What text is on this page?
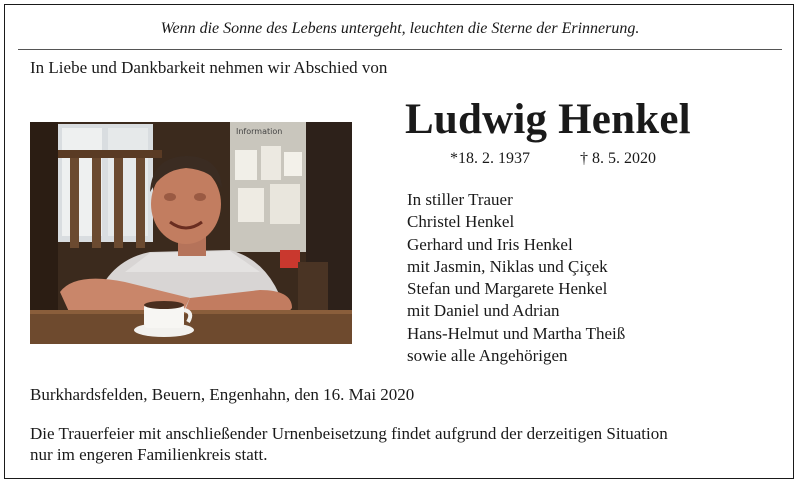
Wenn die Sonne des Lebens untergeht, leuchten die Sterne der Erinnerung.
In Liebe und Dankbarkeit nehmen wir Abschied von
Ludwig Henkel
*18. 2. 1937	† 8. 5. 2020
Information
In stiller Trauer
Christel Henkel
Gerhard und Iris Henkel
mit Jasmin, Niklas und Çiçek
Stefan und Margarete Henkel
mit Daniel und Adrian
Hans-Helmut und Martha Theiß
sowie alle Angehörigen
Burkhardsfelden, Beuern, Engenhahn, den 16. Mai 2020
Die Trauerfeier mit anschließender Urnenbeisetzung findet aufgrund der derzeitigen Situation
nur im engeren Familienkreis statt.
